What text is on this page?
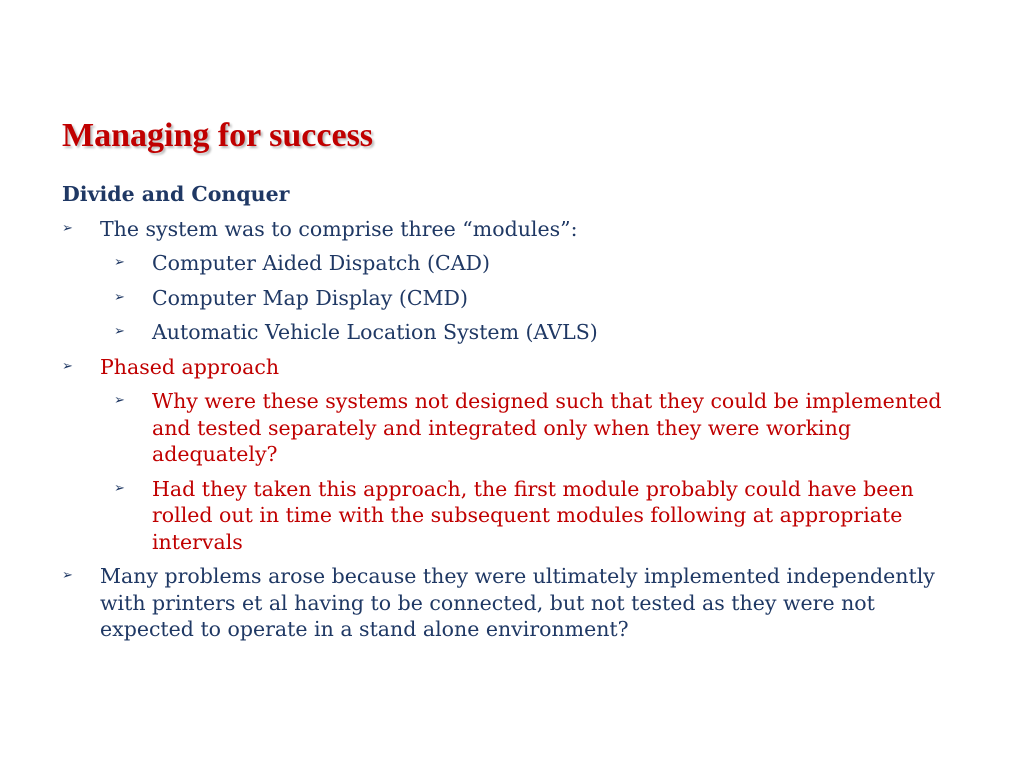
Managing for success
Divide and Conquer
➢ The system was to comprise three “modules”:
➢ Computer Aided Dispatch (CAD)
➢ Computer Map Display (CMD)
➢ Automatic Vehicle Location System (AVLS)
➢ Phased approach
➢ Why were these systems not designed such that they could be implemented and tested separately and integrated only when they were working adequately?
➢ Had they taken this approach, the first module probably could have been rolled out in time with the subsequent modules following at appropriate intervals
➢ Many problems arose because they were ultimately implemented independently with printers et al having to be connected, but not tested as they were not expected to operate in a stand alone environment?
